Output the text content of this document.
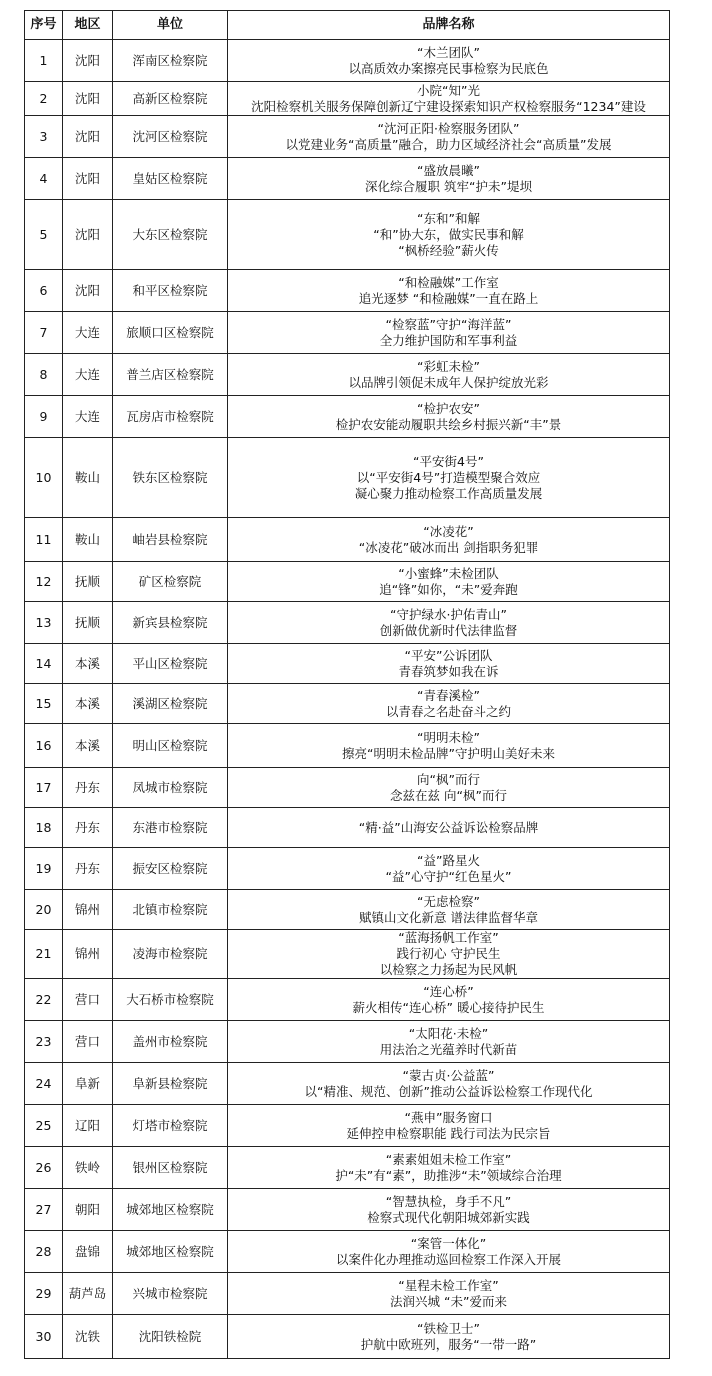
序号	地区	单位	品牌名称
1	沈阳	浑南区检察院	“木兰团队”
以高质效办案擦亮民事检察为民底色

2	沈阳	高新区检察院	小院“知”光
沈阳检察机关服务保障创新辽宁建设探索知识产权检察服务“1234”建设

3	沈阳	沈河区检察院	“沈河正阳·检察服务团队”
以党建业务“高质量”融合，助力区域经济社会“高质量”发展

4	沈阳	皇姑区检察院	“盛放晨曦”
深化综合履职 筑牢“护未”堤坝

5	沈阳	大东区检察院	“东和”和解
“和”协大东，做实民事和解
“枫桥经验”薪火传

6	沈阳	和平区检察院	“和检融媒”工作室
追光逐梦 “和检融媒”一直在路上

7	大连	旅顺口区检察院	“检察蓝”守护“海洋蓝”
全力维护国防和军事利益

8	大连	普兰店区检察院	“彩虹未检”
以品牌引领促未成年人保护绽放光彩

9	大连	瓦房店市检察院	“检护农安”
检护农安能动履职共绘乡村振兴新“丰”景

10	鞍山	铁东区检察院	“平安街4号”
以“平安街4号”打造模型聚合效应
凝心聚力推动检察工作高质量发展

11	鞍山	岫岩县检察院	“冰凌花”
“冰凌花”破冰而出 剑指职务犯罪

12	抚顺	矿区检察院	“小蜜蜂”未检团队
追“锋”如你，“未”爱奔跑

13	抚顺	新宾县检察院	“守护绿水·护佑青山”
创新做优新时代法律监督

14	本溪	平山区检察院	“平安”公诉团队
青春筑梦如我在诉

15	本溪	溪湖区检察院	“青春溪检”
以青春之名赴奋斗之约

16	本溪	明山区检察院	“明明未检”
擦亮“明明未检品牌”守护明山美好未来

17	丹东	凤城市检察院	向“枫”而行
念兹在兹 向“枫”而行

18	丹东	东港市检察院	“精·益”山海安公益诉讼检察品牌

19	丹东	振安区检察院	“益”路星火
“益”心守护“红色星火”

20	锦州	北镇市检察院	“无虑检察”
赋镇山文化新意 谱法律监督华章

21	锦州	凌海市检察院	“蓝海扬帆工作室”
践行初心 守护民生
以检察之力扬起为民风帆

22	营口	大石桥市检察院	“连心桥”
薪火相传“连心桥” 暖心接待护民生

23	营口	盖州市检察院	“太阳花·未检”
用法治之光蕴养时代新苗

24	阜新	阜新县检察院	“蒙古贞·公益蓝”
以“精准、规范、创新”推动公益诉讼检察工作现代化

25	辽阳	灯塔市检察院	“燕申”服务窗口
延伸控申检察职能 践行司法为民宗旨

26	铁岭	银州区检察院	“素素姐姐未检工作室”
护“未”有“素”，助推涉“未”领域综合治理

27	朝阳	城郊地区检察院	“智慧执检，身手不凡”
检察式现代化朝阳城郊新实践

28	盘锦	城郊地区检察院	“案管一体化”
以案件化办理推动巡回检察工作深入开展

29	葫芦岛	兴城市检察院	“星程未检工作室”
法润兴城 “未”爱而来

30	沈铁	沈阳铁检院	“铁检卫士”
护航中欧班列，服务“一带一路”
